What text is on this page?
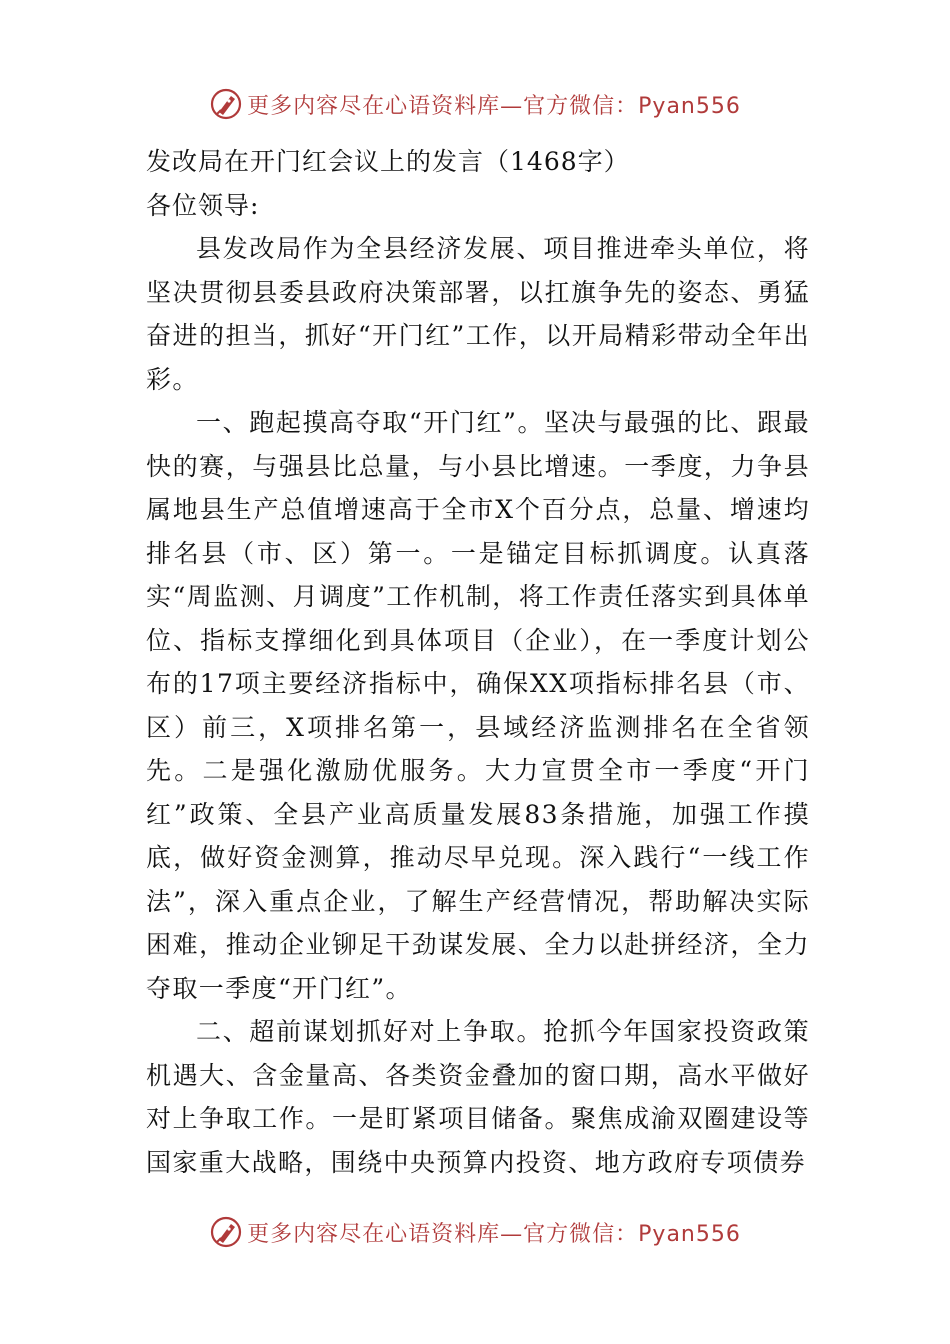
更多内容尽在心语资料库—官方微信：Pyan556

发改局在开门红会议上的发言（1468字）

各位领导:

县发改局作为全县经济发展、项目推进牵头单位，将坚决贯彻县委县政府决策部署，以扛旗争先的姿态、勇猛奋进的担当，抓好“开门红”工作，以开局精彩带动全年出彩。

一、跑起摸高夺取“开门红”。坚决与最强的比、跟最快的赛，与强县比总量，与小县比增速。一季度，力争县属地县生产总值增速高于全市X个百分点，总量、增速均排名县（市、区）第一。一是锚定目标抓调度。认真落实“周监测、月调度”工作机制，将工作责任落实到具体单位、指标支撑细化到具体项目（企业），在一季度计划公布的17项主要经济指标中，确保XX项指标排名县（市、区）前三，X项排名第一，县域经济监测排名在全省领先。二是强化激励优服务。大力宣贯全市一季度“开门红”政策、全县产业高质量发展83条措施，加强工作摸底，做好资金测算，推动尽早兑现。深入践行“一线工作法”，深入重点企业，了解生产经营情况，帮助解决实际困难，推动企业铆足干劲谋发展、全力以赴拼经济，全力夺取一季度“开门红”。

二、超前谋划抓好对上争取。抢抓今年国家投资政策机遇大、含金量高、各类资金叠加的窗口期，高水平做好对上争取工作。一是盯紧项目储备。聚焦成渝双圈建设等国家重大战略，围绕中央预算内投资、地方政府专项债券

更多内容尽在心语资料库—官方微信：Pyan556
